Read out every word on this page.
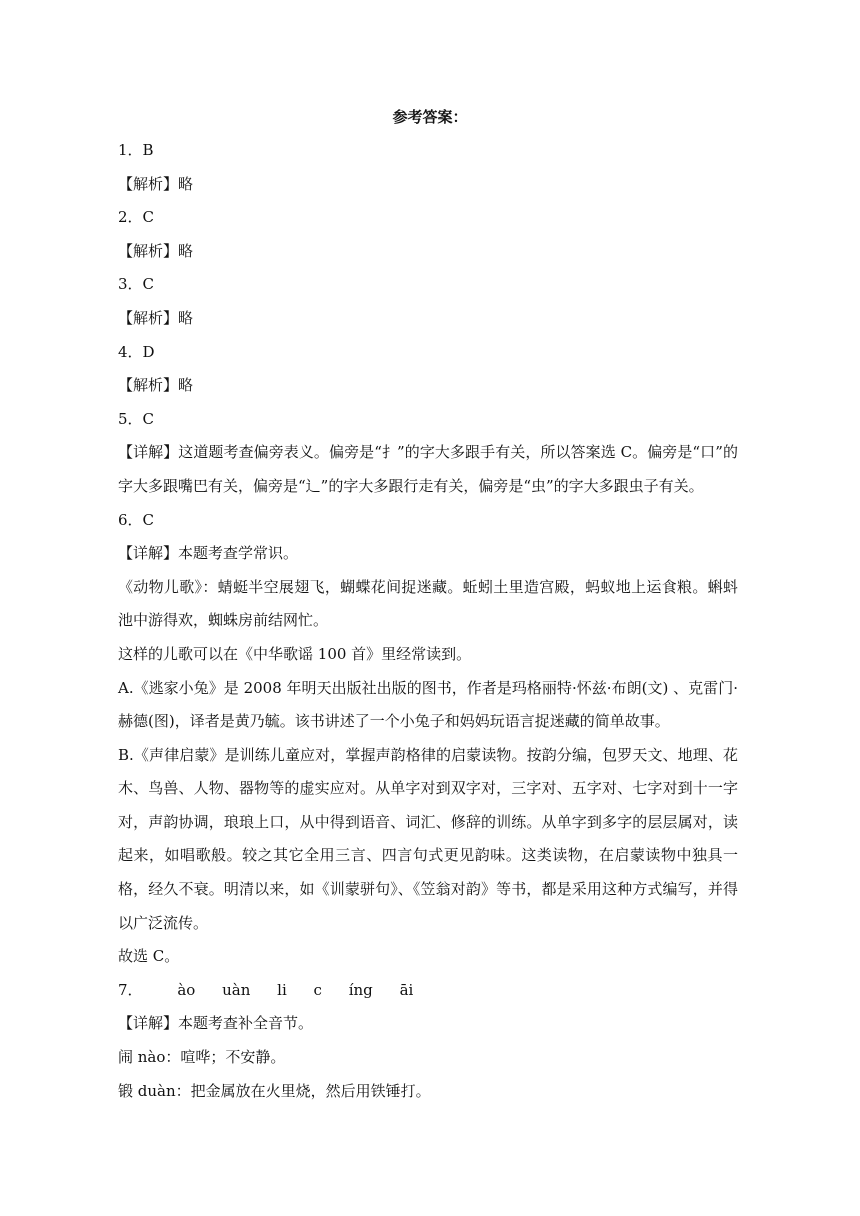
参考答案：

1．B

【解析】略

2．C

【解析】略

3．C

【解析】略

4．D

【解析】略

5．C

【详解】这道题考查偏旁表义。偏旁是“扌”的字大多跟手有关，所以答案选 C。偏旁是“口”的字大多跟嘴巴有关，偏旁是“辶”的字大多跟行走有关，偏旁是“虫”的字大多跟虫子有关。

6．C

【详解】本题考查学常识。

《动物儿歌》：蜻蜓半空展翅飞，蝴蝶花间捉迷藏。蚯蚓土里造宫殿，蚂蚁地上运食粮。蝌蚪池中游得欢，蜘蛛房前结网忙。

这样的儿歌可以在《中华歌谣 100 首》里经常读到。

A.《逃家小兔》是 2008 年明天出版社出版的图书，作者是玛格丽特·怀兹·布朗(文) 、克雷门·赫德(图)，译者是黄乃毓。该书讲述了一个小兔子和妈妈玩语言捉迷藏的简单故事。

B.《声律启蒙》是训练儿童应对，掌握声韵格律的启蒙读物。按韵分编，包罗天文、地理、花木、鸟兽、人物、器物等的虚实应对。从单字对到双字对，三字对、五字对、七字对到十一字对，声韵协调，琅琅上口，从中得到语音、词汇、修辞的训练。从单字到多字的层层属对，读起来，如唱歌般。较之其它全用三言、四言句式更见韵味。这类读物，在启蒙读物中独具一格，经久不衰。明清以来，如《训蒙骈句》、《笠翁对韵》等书，都是采用这种方式编写，并得以广泛流传。

故选 C。

7． ào uàn li c íng āi

【详解】本题考查补全音节。

闹 nào：喧哗；不安静。

锻 duàn：把金属放在火里烧，然后用铁锤打。
